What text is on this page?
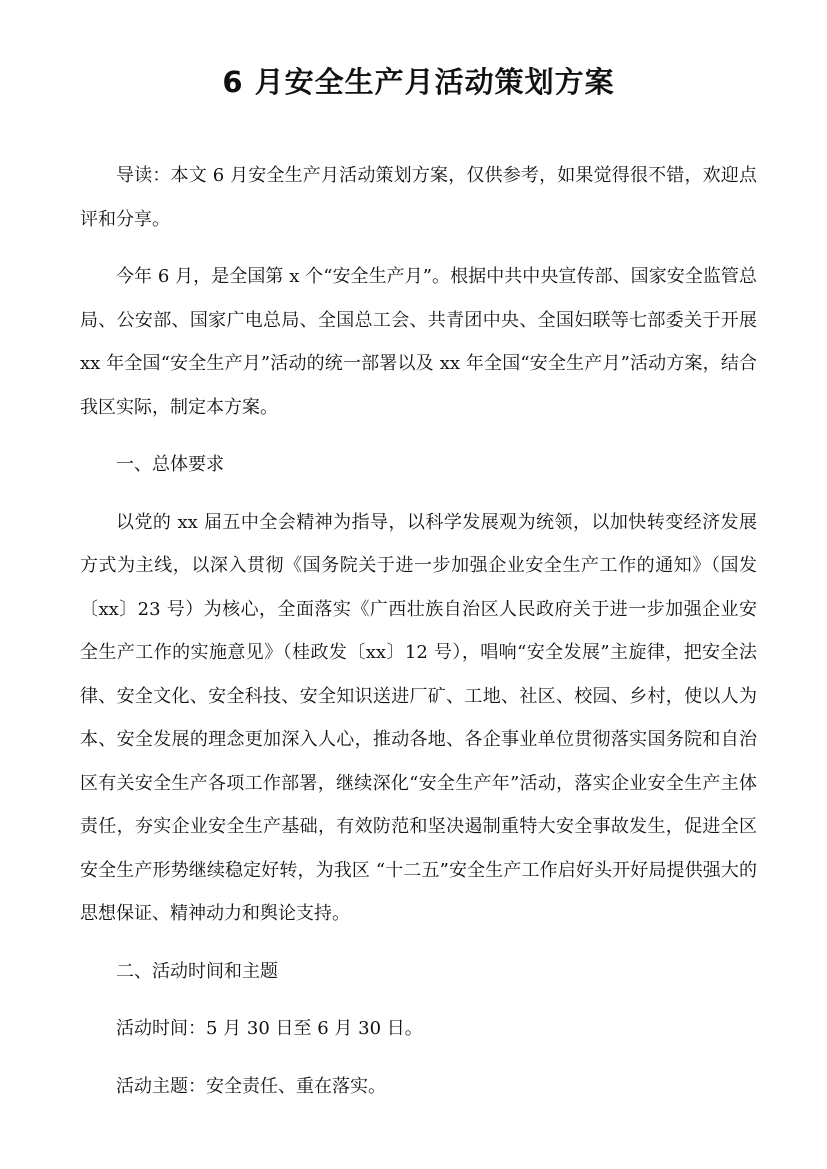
6 月安全生产月活动策划方案

导读：本文 6 月安全生产月活动策划方案，仅供参考，如果觉得很不错，欢迎点评和分享。

今年 6 月，是全国第 x 个“安全生产月”。根据中共中央宣传部、国家安全监管总局、公安部、国家广电总局、全国总工会、共青团中央、全国妇联等七部委关于开展 xx 年全国“安全生产月”活动的统一部署以及 xx 年全国“安全生产月”活动方案，结合我区实际，制定本方案。

一、总体要求

以党的 xx 届五中全会精神为指导，以科学发展观为统领，以加快转变经济发展方式为主线，以深入贯彻《国务院关于进一步加强企业安全生产工作的通知》（国发〔xx〕23 号）为核心，全面落实《广西壮族自治区人民政府关于进一步加强企业安全生产工作的实施意见》（桂政发〔xx〕12 号），唱响“安全发展”主旋律，把安全法律、安全文化、安全科技、安全知识送进厂矿、工地、社区、校园、乡村，使以人为本、安全发展的理念更加深入人心，推动各地、各企事业单位贯彻落实国务院和自治区有关安全生产各项工作部署，继续深化“安全生产年”活动，落实企业安全生产主体责任，夯实企业安全生产基础，有效防范和坚决遏制重特大安全事故发生，促进全区安全生产形势继续稳定好转，为我区 “十二五”安全生产工作启好头开好局提供强大的思想保证、精神动力和舆论支持。

二、活动时间和主题

活动时间：5 月 30 日至 6 月 30 日。

活动主题：安全责任、重在落实。
